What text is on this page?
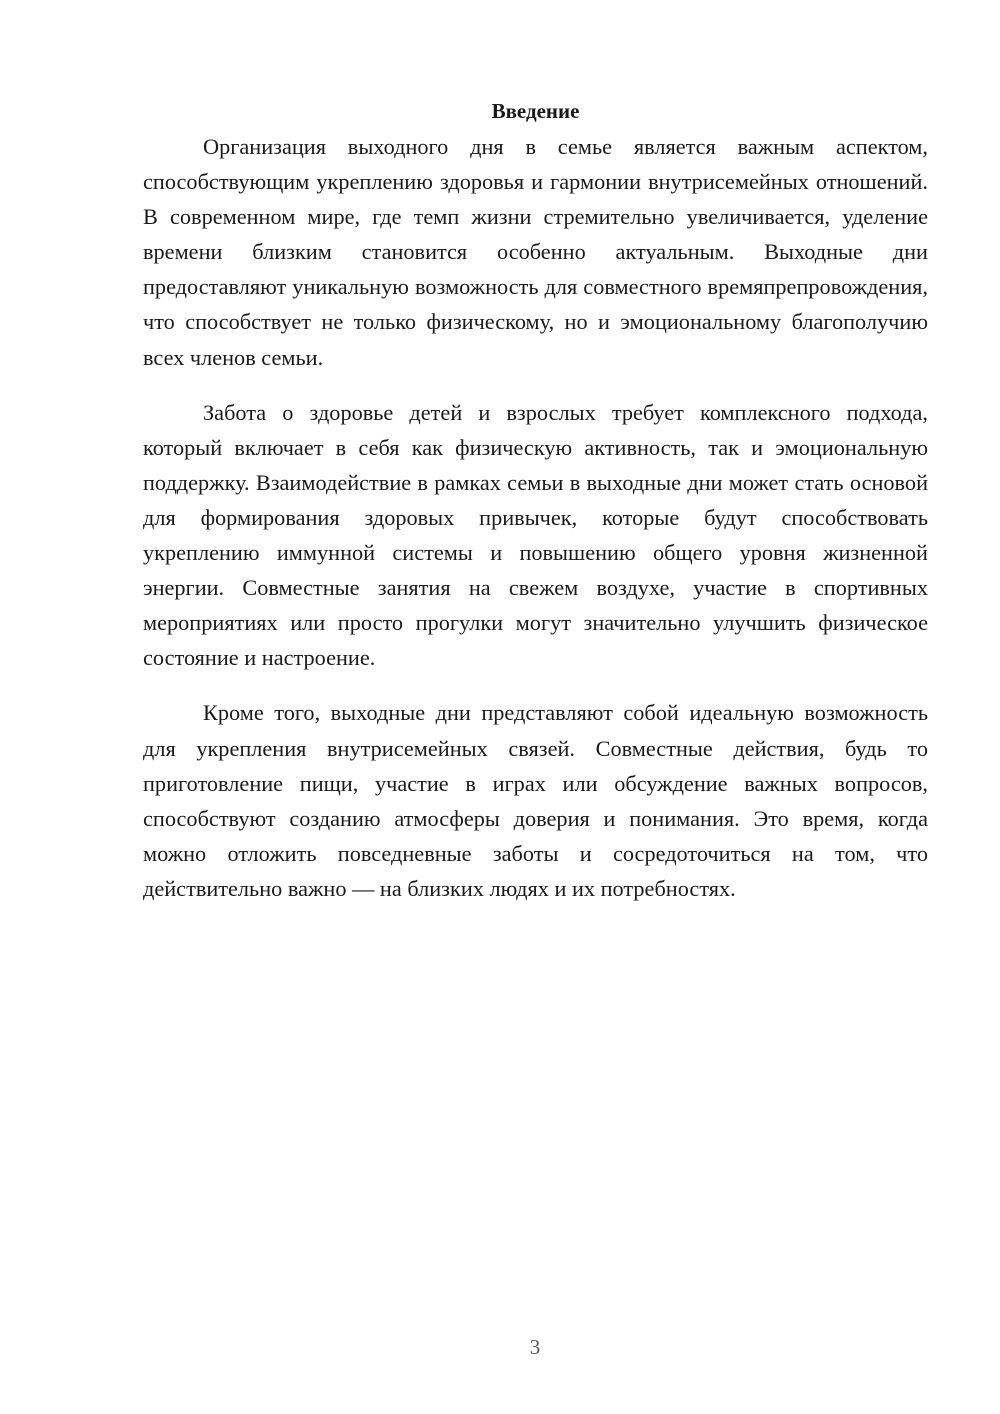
Введение

Организация выходного дня в семье является важным аспектом, способствующим укреплению здоровья и гармонии внутрисемейных отношений. В современном мире, где темп жизни стремительно увеличивается, уделение времени близким становится особенно актуальным. Выходные дни предоставляют уникальную возможность для совместного времяпрепровождения, что способствует не только физическому, но и эмоциональному благополучию всех членов семьи.

Забота о здоровье детей и взрослых требует комплексного подхода, который включает в себя как физическую активность, так и эмоциональную поддержку. Взаимодействие в рамках семьи в выходные дни может стать основой для формирования здоровых привычек, которые будут способствовать укреплению иммунной системы и повышению общего уровня жизненной энергии. Совместные занятия на свежем воздухе, участие в спортивных мероприятиях или просто прогулки могут значительно улучшить физическое состояние и настроение.

Кроме того, выходные дни представляют собой идеальную возможность для укрепления внутрисемейных связей. Совместные действия, будь то приготовление пищи, участие в играх или обсуждение важных вопросов, способствуют созданию атмосферы доверия и понимания. Это время, когда можно отложить повседневные заботы и сосредоточиться на том, что действительно важно — на близких людях и их потребностях.

3
